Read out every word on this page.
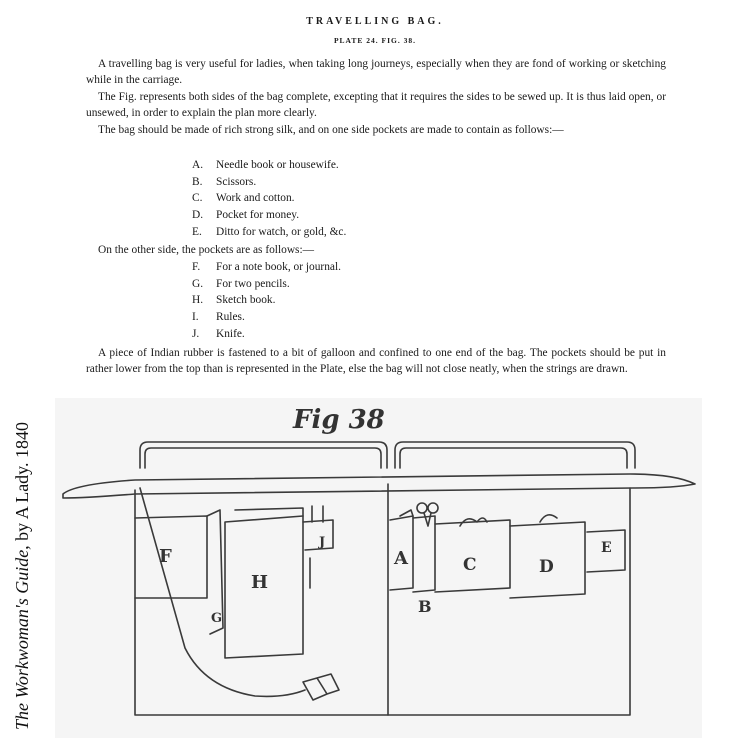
TRAVELLING BAG.
PLATE 24. FIG. 38.

A travelling bag is very useful for ladies, when taking long journeys, especially when they are fond of working or sketching while in the carriage.

The Fig. represents both sides of the bag complete, excepting that it requires the sides to be sewed up. It is thus laid open, or unsewed, in order to explain the plan more clearly.

The bag should be made of rich strong silk, and on one side pockets are made to contain as follows:—

A. Needle book or housewife.
B. Scissors.
C. Work and cotton.
D. Pocket for money.
E. Ditto for watch, or gold, &c.
On the other side, the pockets are as follows:—
F. For a note book, or journal.
G. For two pencils.
H. Sketch book.
I. Rules.
J. Knife.

A piece of Indian rubber is fastened to a bit of galloon and confined to one end of the bag. The pockets should be put in rather lower from the top than is represented in the Plate, else the bag will not close neatly, when the strings are drawn.

Fig 38
F
G
H
J
A
B
C	D
E
The Workwoman's Guide, by A Lady. 1840
